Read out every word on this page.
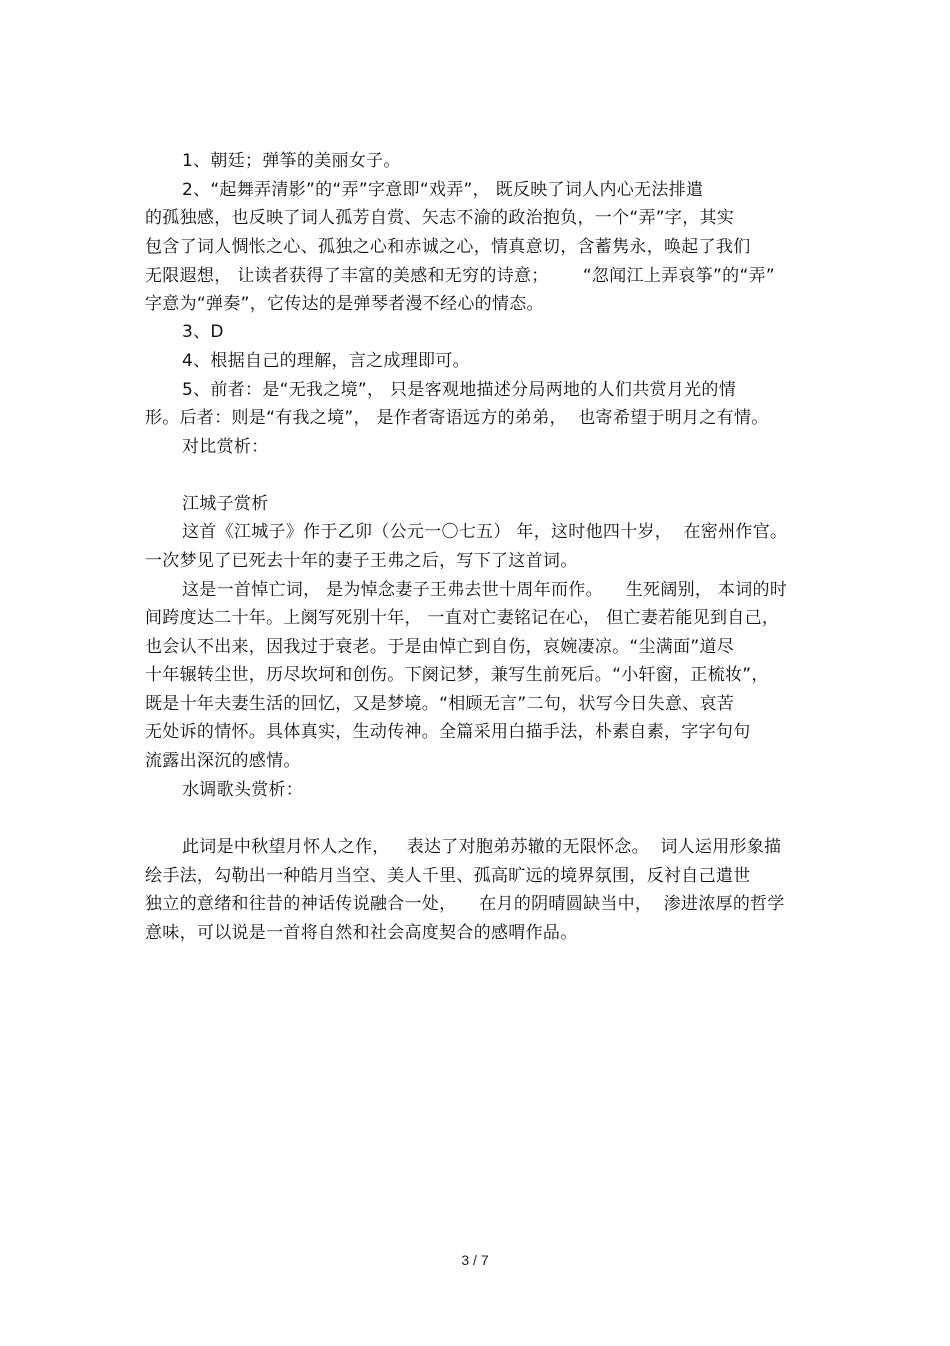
1、朝廷；弹筝的美丽女子。
2、“起舞弄清影”的“弄”字意即“戏弄”， 既反映了词人内心无法排遣
的孤独感，也反映了词人孤芳自赏、矢志不渝的政治抱负，一个“弄”字，其实
包含了词人惆怅之心、孤独之心和赤诚之心，情真意切，含蓄隽永，唤起了我们
无限遐想， 让读者获得了丰富的美感和无穷的诗意；      “忽闻江上弄哀筝”的“弄”
字意为“弹奏”，它传达的是弹琴者漫不经心的情态。
3、D
4、根据自己的理解，言之成理即可。
5、前者：是“无我之境”， 只是客观地描述分局两地的人们共赏月光的情
形。后者：则是“有我之境”， 是作者寄语远方的弟弟，  也寄希望于明月之有情。
对比赏析：
江城子赏析
这首《江城子》作于乙卯（公元一〇七五） 年，这时他四十岁，  在密州作官。
一次梦见了已死去十年的妻子王弗之后，写下了这首词。
这是一首悼亡词， 是为悼念妻子王弗去世十周年而作。    生死阔别， 本词的时
间跨度达二十年。上阕写死别十年， 一直对亡妻铭记在心， 但亡妻若能见到自己，
也会认不出来，因我过于衰老。于是由悼亡到自伤，哀婉凄凉。“尘满面”道尽
十年辗转尘世，历尽坎坷和创伤。下阕记梦，兼写生前死后。“小轩窗，正梳妆”，
既是十年夫妻生活的回忆，又是梦境。“相顾无言”二句，状写今日失意、哀苦
无处诉的情怀。具体真实，生动传神。全篇采用白描手法，朴素自素，字字句句
流露出深沉的感情。
水调歌头赏析：
此词是中秋望月怀人之作，   表达了对胞弟苏辙的无限怀念。  词人运用形象描
绘手法，勾勒出一种皓月当空、美人千里、孤高旷远的境界氛围，反衬自己遣世
独立的意绪和往昔的神话传说融合一处，    在月的阴晴圆缺当中，  渗进浓厚的哲学
意味，可以说是一首将自然和社会高度契合的感喟作品。
3 / 7
